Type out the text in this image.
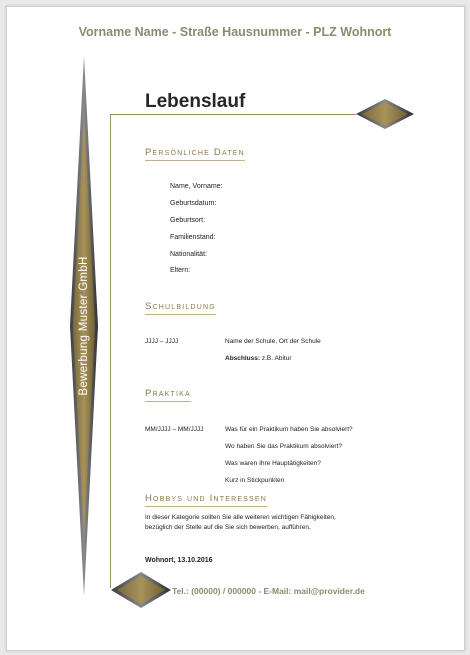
Vorname Name - Straße Hausnummer - PLZ Wohnort
Bewerbung Muster GmbH
Lebenslauf
Persönliche Daten
Name, Vorname:
Geburtsdatum:
Geburtsort:
Familienstand:
Nationalität:
Eltern:
Schulbildung
JJJJ – JJJJ	Name der Schule, Ort der Schule
Abschluss: z.B. Abitur
Praktika
MM/JJJJ – MM/JJJJ	Was für ein Praktikum haben Sie absolviert?
Wo haben Sie das Praktikum absolviert?
Was waren Ihre Hauptätigkeiten?
Kurz in Stickpunkten
Hobbys und Interessen
In dieser Kategorie sollten Sie alle weiteren wichtigen Fähigkeiten,
bezüglich der Stelle auf die Sie sich bewerben, aufführen.
Wohnort, 13.10.2016
Tel.: (00000) / 000000 - E-Mail: mail@provider.de
